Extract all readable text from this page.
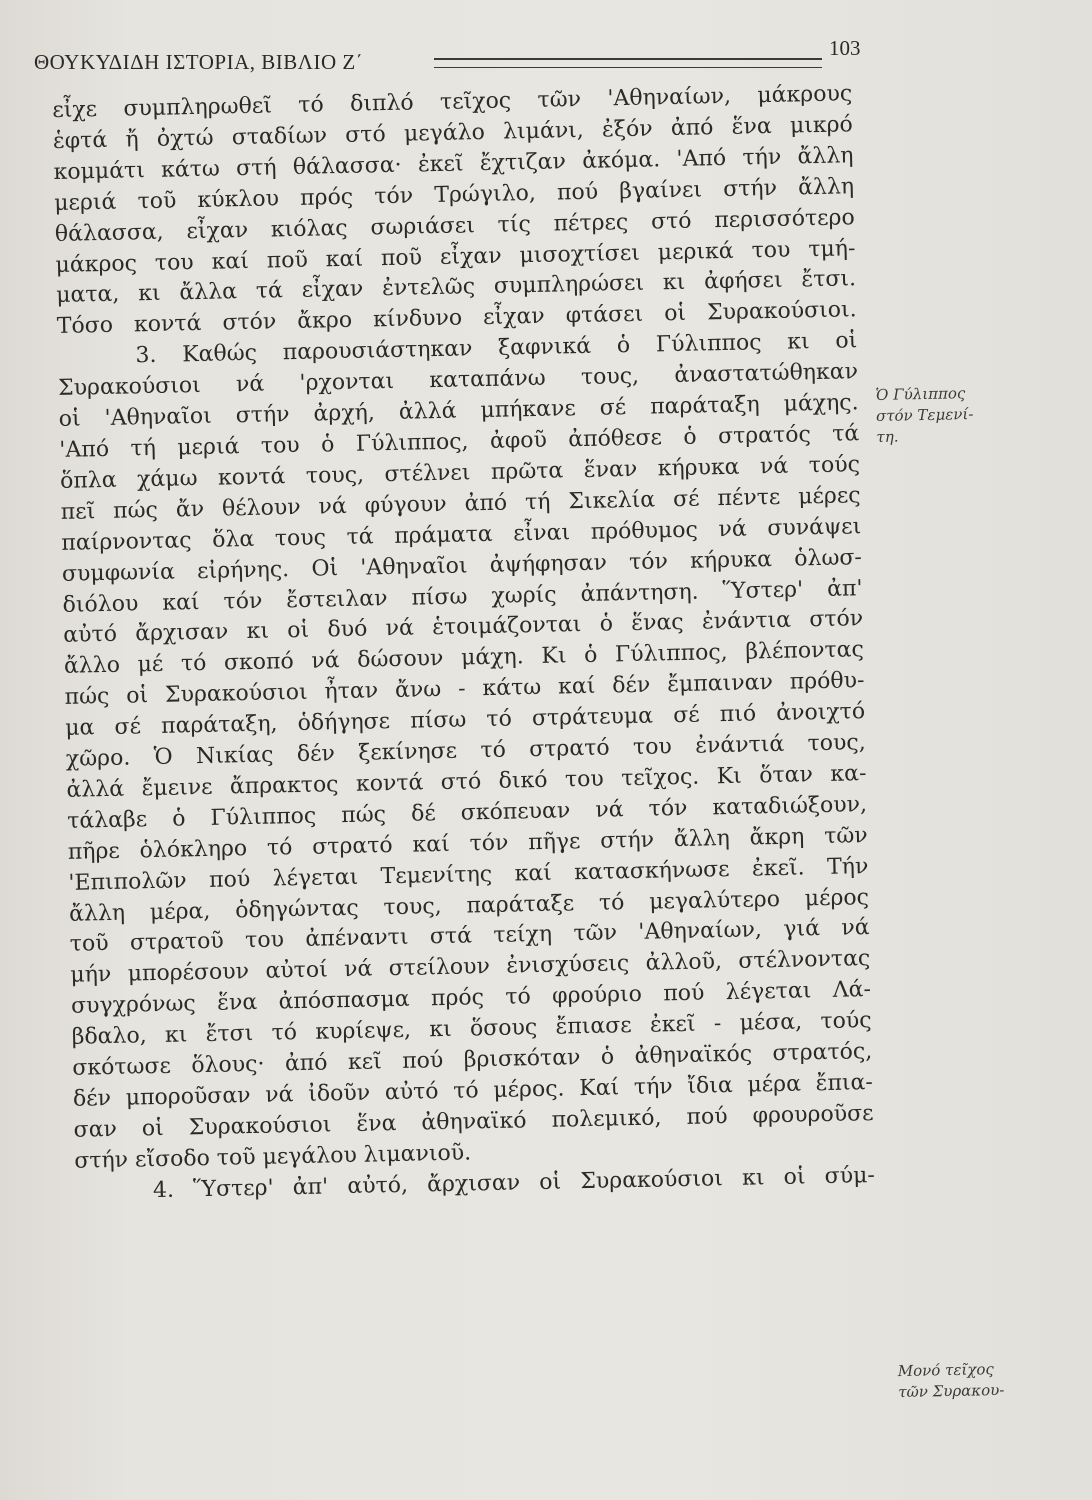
ΘΟΥΚΥΔΙΔΗ ΙΣΤΟΡΙΑ, ΒΙΒΛΙΟ Ζ΄
103
εἶχε συμπληρωθεῖ τό διπλό τεῖχος τῶν 'Αθηναίων, μάκρους
ἑφτά ἤ ὀχτώ σταδίων στό μεγάλο λιμάνι, ἐξόν ἀπό ἕνα μικρό
κομμάτι κάτω στή θάλασσα· ἐκεῖ ἔχτιζαν ἀκόμα. 'Από τήν ἄλλη
μεριά τοῦ κύκλου πρός τόν Τρώγιλο, πού βγαίνει στήν ἄλλη
θάλασσα, εἶχαν κιόλας σωριάσει τίς πέτρες στό περισσότερο
μάκρος του καί ποῦ καί ποῦ εἶχαν μισοχτίσει μερικά του τμή-
ματα, κι ἄλλα τά εἶχαν ἐντελῶς συμπληρώσει κι ἀφήσει ἔτσι.
Τόσο κοντά στόν ἄκρο κίνδυνο εἶχαν φτάσει οἱ Συρακούσιοι.
3. Καθώς παρουσιάστηκαν ξαφνικά ὁ Γύλιππος κι οἱ
Συρακούσιοι νά 'ρχονται καταπάνω τους, ἀναστατώθηκαν
οἱ 'Αθηναῖοι στήν ἀρχή, ἀλλά μπήκανε σέ παράταξη μάχης.
'Από τή μεριά του ὁ Γύλιππος, ἀφοῦ ἀπόθεσε ὁ στρατός τά
ὅπλα χάμω κοντά τους, στέλνει πρῶτα ἕναν κήρυκα νά τούς
πεῖ πώς ἄν θέλουν νά φύγουν ἀπό τή Σικελία σέ πέντε μέρες
παίρνοντας ὅλα τους τά πράματα εἶναι πρόθυμος νά συνάψει
συμφωνία εἰρήνης. Οἱ 'Αθηναῖοι ἀψήφησαν τόν κήρυκα ὁλωσ-
διόλου καί τόν ἔστειλαν πίσω χωρίς ἀπάντηση. Ὕστερ' ἀπ'
αὐτό ἄρχισαν κι οἱ δυό νά ἑτοιμάζονται ὁ ἕνας ἐνάντια στόν
ἄλλο μέ τό σκοπό νά δώσουν μάχη. Κι ὁ Γύλιππος, βλέποντας
πώς οἱ Συρακούσιοι ἦταν ἄνω - κάτω καί δέν ἔμπαιναν πρόθυ-
μα σέ παράταξη, ὁδήγησε πίσω τό στράτευμα σέ πιό ἀνοιχτό
χῶρο. Ὁ Νικίας δέν ξεκίνησε τό στρατό του ἐνάντιά τους,
ἀλλά ἔμεινε ἄπρακτος κοντά στό δικό του τεῖχος. Κι ὅταν κα-
τάλαβε ὁ Γύλιππος πώς δέ σκόπευαν νά τόν καταδιώξουν,
πῆρε ὁλόκληρο τό στρατό καί τόν πῆγε στήν ἄλλη ἄκρη τῶν
'Επιπολῶν πού λέγεται Τεμενίτης καί κατασκήνωσε ἐκεῖ. Τήν
ἄλλη μέρα, ὁδηγώντας τους, παράταξε τό μεγαλύτερο μέρος
τοῦ στρατοῦ του ἀπέναντι στά τείχη τῶν 'Αθηναίων, γιά νά
μήν μπορέσουν αὐτοί νά στείλουν ἐνισχύσεις ἀλλοῦ, στέλνοντας
συγχρόνως ἕνα ἀπόσπασμα πρός τό φρούριο πού λέγεται Λά-
βδαλο, κι ἔτσι τό κυρίεψε, κι ὅσους ἔπιασε ἐκεῖ - μέσα, τούς
σκότωσε ὅλους· ἀπό κεῖ πού βρισκόταν ὁ ἀθηναϊκός στρατός,
δέν μποροῦσαν νά ἰδοῦν αὐτό τό μέρος. Καί τήν ἴδια μέρα ἔπια-
σαν οἱ Συρακούσιοι ἕνα ἀθηναϊκό πολεμικό, πού φρουροῦσε
στήν εἴσοδο τοῦ μεγάλου λιμανιοῦ.
4. Ὕστερ' ἀπ' αὐτό, ἄρχισαν οἱ Συρακούσιοι κι οἱ σύμ-
Ὁ Γύλιππος
στόν Τεμενί-
τη.
Μονό τεῖχος
τῶν Συρακου-
